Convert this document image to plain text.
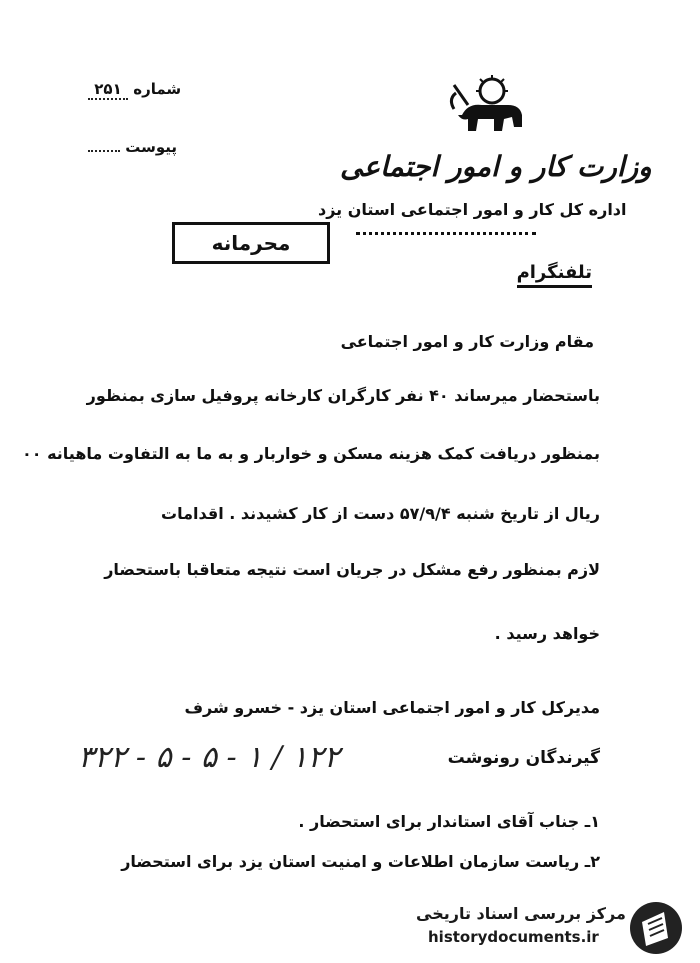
شماره ۲۵۱
پیوست
وزارت کار و امور اجتماعی
اداره کل کار و امور اجتماعی استان یزد
محرمانه
تلفنگرام
مقام وزارت کار و امور اجتماعی
باستحضار میرساند ۴۰ نفر کارگران کارخانه پروفیل سازی بمنظور
بمنظور دریافت کمک هزینه مسکن و خواربار و به ما به التفاوت ماهیانه ۰۰
ریال از تاریخ شنبه ۵۷/۹/۴ دست از کار کشیدند . اقدامات
لازم بمنظور رفع مشکل در جریان است نتیجه متعاقبا باستحضار
خواهد رسید .
مدیرکل کار و امور اجتماعی استان یزد - خسرو شرف
گیرندگان رونوشت
۳۲۲ - ۵ - ۵ - ۱ / ۱۲۲
۱ـ جناب آقای استاندار برای استحضار .
۲ـ ریاست سازمان اطلاعات و امنیت استان یزد برای استحضار
مرکز بررسی اسناد تاریخی
historydocuments.ir
